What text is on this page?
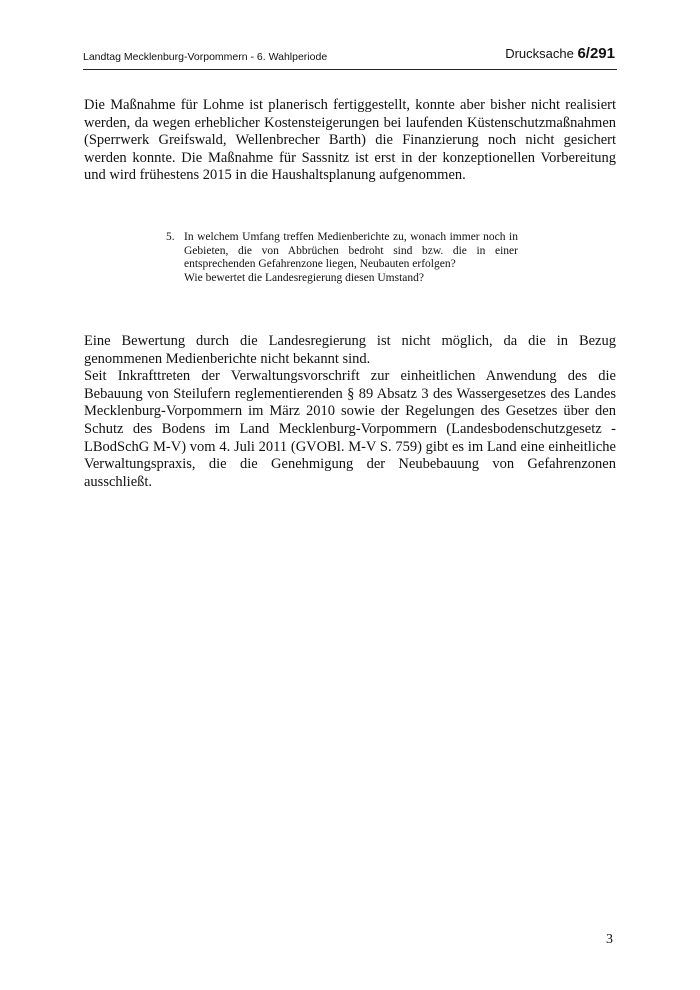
Landtag Mecklenburg-Vorpommern - 6. Wahlperiode	Drucksache 6/291

Die Maßnahme für Lohme ist planerisch fertiggestellt, konnte aber bisher nicht realisiert werden, da wegen erheblicher Kostensteigerungen bei laufenden Küstenschutzmaßnahmen (Sperrwerk Greifswald, Wellenbrecher Barth) die Finanzierung noch nicht gesichert werden konnte. Die Maßnahme für Sassnitz ist erst in der konzeptionellen Vorbereitung und wird frühestens 2015 in die Haushaltsplanung aufgenommen.

5. In welchem Umfang treffen Medienberichte zu, wonach immer noch in Gebieten, die von Abbrüchen bedroht sind bzw. die in einer entsprechenden Gefahrenzone liegen, Neubauten erfolgen?
Wie bewertet die Landesregierung diesen Umstand?

Eine Bewertung durch die Landesregierung ist nicht möglich, da die in Bezug genommenen Medienberichte nicht bekannt sind.

Seit Inkrafttreten der Verwaltungsvorschrift zur einheitlichen Anwendung des die Bebauung von Steilufern reglementierenden § 89 Absatz 3 des Wassergesetzes des Landes Mecklenburg-Vorpommern im März 2010 sowie der Regelungen des Gesetzes über den Schutz des Bodens im Land Mecklenburg-Vorpommern (Landesbodenschutzgesetz - LBodSchG M-V) vom 4. Juli 2011 (GVOBl. M-V S. 759) gibt es im Land eine einheitliche Verwaltungspraxis, die die Genehmigung der Neubebauung von Gefahrenzonen ausschließt.

3
